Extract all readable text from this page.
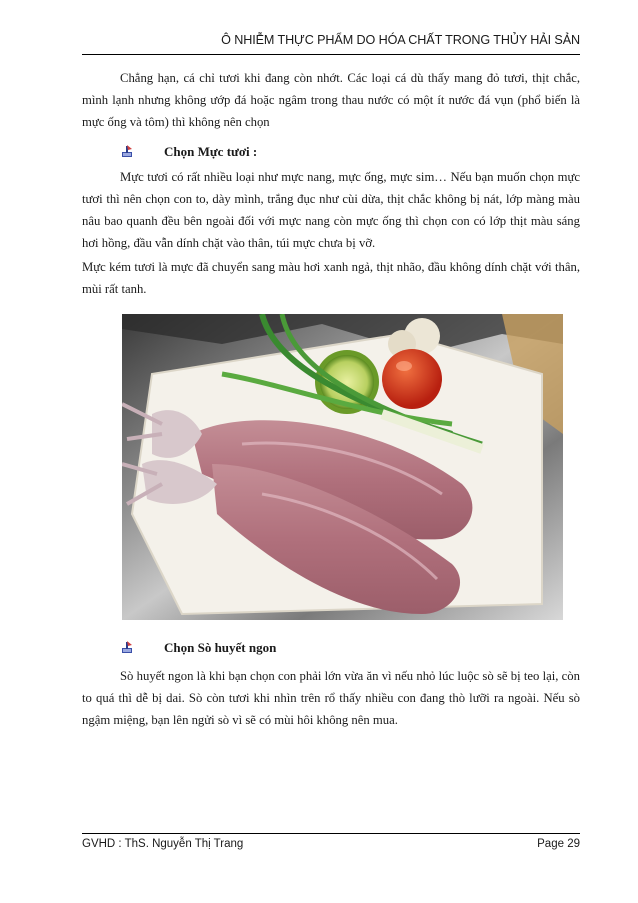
Ô NHIỄM THỰC PHẨM DO HÓA CHẤT TRONG THỦY HẢI SẢN

Chẳng hạn, cá chỉ tươi khi đang còn nhớt. Các loại cá dù thấy mang đỏ tươi, thịt chắc, mình lạnh nhưng không ướp đá hoặc ngâm trong thau nước có một ít nước đá vụn (phổ biến là mực ống và tôm) thì không nên chọn

Chọn Mực tươi :

Mực tươi có rất nhiều loại như mực nang, mực ống, mực sim… Nếu bạn muốn chọn mực tươi thì nên chọn con to, dày mình, trắng đục như cùi dừa, thịt chắc không bị nát, lớp màng màu nâu bao quanh đều bên ngoài đối với mực nang còn mực ống thì chọn con có lớp thịt màu sáng hơi hồng, đầu vẫn dính chặt vào thân, túi mực chưa bị vỡ.

Mực kém tươi là mực đã chuyển sang màu hơi xanh ngả, thịt nhão, đầu không dính chặt với thân, mùi rất tanh.

Chọn Sò huyết ngon

Sò huyết ngon là khi bạn chọn con phải lớn vừa ăn vì nếu nhỏ lúc luộc sò sẽ bị teo lại, còn to quá thì dễ bị dai. Sò còn tươi khi nhìn trên rổ thấy nhiều con đang thò lưỡi ra ngoài. Nếu sò ngậm miệng, bạn lên ngửi sò vì sẽ có mùi hôi không nên mua.

GVHD : ThS. Nguyễn Thị Trang	Page 29
